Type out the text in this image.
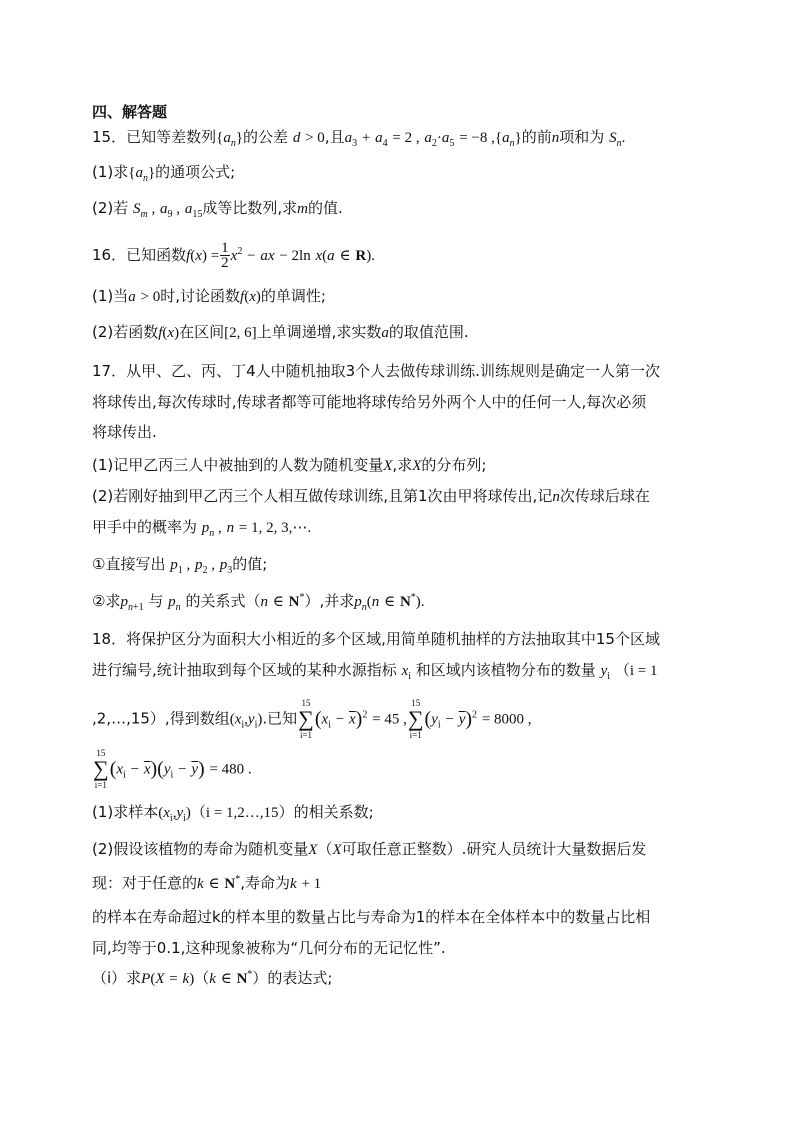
四、解答题
15．已知等差数列$\{a_n\}$的公差 d > 0,且$a_3 + a_4 = 2$ , $a_2\cdot a_5 = -8$ $,\{a_n\}$的前n项和为 $S_n$.
(1)求$\{a_n\}$的通项公式;
(2)若 $S_m$ , $a_9$ , $a_{15}$成等比数列,求m的值.
16．已知函数$f(x) = \frac{1}{2} x^2$ − ax − 2ln x(a ∈ R).
(1)当a > 0时,讨论函数f(x)的单调性;
(2)若函数f(x)在区间[2, 6]上单调递增,求实数a的取值范围.
17．从甲、乙、丙、丁4人中随机抽取3个人去做传球训练.训练规则是确定一人第一次
将球传出,每次传球时,传球者都等可能地将球传给另外两个人中的任何一人,每次必须
将球传出.
(1)记甲乙丙三人中被抽到的人数为随机变量X,求X的分布列;
(2)若刚好抽到甲乙丙三个人相互做传球训练,且第1次由甲将球传出,记n次传球后球在
甲手中的概率为 $p_n$ , n = 1, 2, 3,⋯.
①直接写出 $p_1$ , $p_2$ , $p_3$的值;
②求$p_{n+1}$ 与 $p_n$ 的关系式（n ∈ N*）,并求$p_n(n$ ∈ N*).
18．将保护区分为面积大小相近的多个区域,用简单随机抽样的方法抽取其中15个区域
进行编号,统计抽取到每个区域的某种水源指标 $x_i$ 和区域内该植物分布的数量 $y_i$ （i = 1
,2,…,15）,得到数组$(x_i,y_i)$.已知
15
∑
i=1
$(x_i - \overline{x})^2 = 45$ ,
15
∑
i=1
$(y_i - \overline{y})^2 = 8000$ ,
15
∑
i=1
$(x_i - \overline{x})(y_i - \overline{y}) = 480$ .
(1)求样本$(x_i,y_i)(i$ = 1,2…,15）的相关系数;
(2)假设该植物的寿命为随机变量X（X可取任意正整数）.研究人员统计大量数据后发
现：对于任意的k ∈ N*,寿命为k + 1
的样本在寿命超过k的样本里的数量占比与寿命为1的样本在全体样本中的数量占比相
同,均等于0.1,这种现象被称为“几何分布的无记忆性”.
（ⅰ）求P(X = k)（k ∈ N*）的表达式;
